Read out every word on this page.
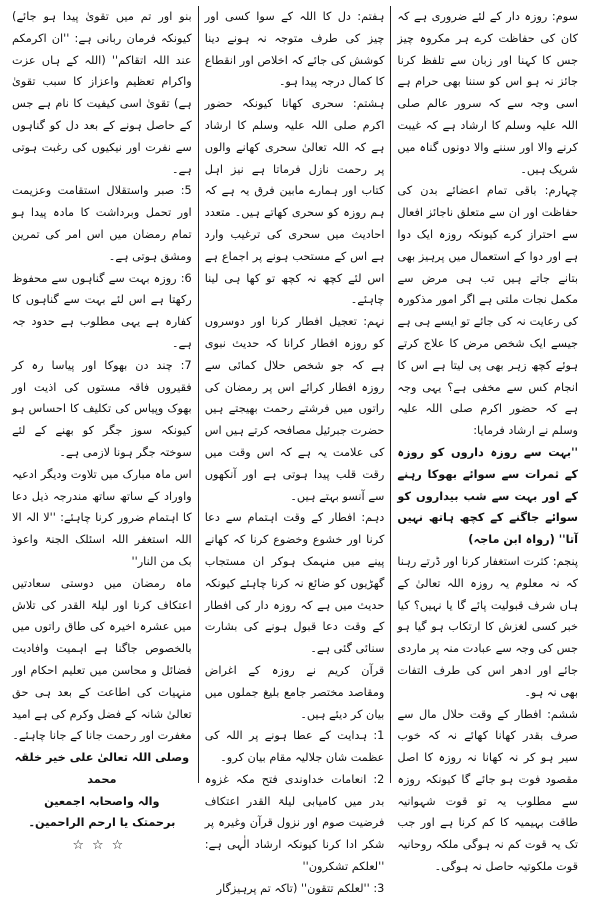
سوم: روزہ دار کے لئے ضروری ہے کہ کان کی حفاظت کرے ہر مکروہ چیز جس کا کہنا اور زبان سے تلفظ کرنا جائز نہ ہو اس کو سننا بھی حرام ہے اسی وجہ سے کہ سرور عالم صلی اللہ علیہ وسلم کا ارشاد ہے کہ غیبت کرنے والا اور سننے والا دونوں گناہ میں شریک ہیں۔

چہارم: باقی تمام اعضائے بدن کی حفاظت اور ان سے متعلق ناجائز افعال سے احتراز کرے کیونکہ روزہ ایک دوا ہے اور دوا کے استعمال میں پرہیز بھی بتانے جاتے ہیں تب ہی مرض سے مکمل نجات ملتی ہے اگر امور مذکورہ کی رعایت نہ کی جائے تو ایسے ہی ہے جیسے ایک شخص مرض کا علاج کرتے ہوئے کچھ زہر بھی پی لیتا ہے اس کا انجام کس سے مخفی ہے؟ یہی وجہ ہے کہ حضور اکرم صلی اللہ علیہ وسلم نے ارشاد فرمایا:

''بہت سے روزہ داروں کو روزہ کے ثمرات سے سوائے بھوکا رہنے کے اور بہت سے شب بیداروں کو سوائے جاگنے کے کچھ ہاتھ نہیں آتا'' (رواہ ابن ماجہ)

پنجم: کثرت استغفار کرنا اور ڈرتے رہنا کہ نہ معلوم یہ روزہ اللہ تعالیٰ کے ہاں شرف قبولیت پائے گا یا نہیں؟ کیا خبر کسی لغزش کا ارتکاب ہو گیا ہو جس کی وجہ سے عبادت منہ پر ماردی جائے اور ادھر اس کی طرف التفات بھی نہ ہو۔

ششم: افطار کے وقت حلال مال سے صرف بقدر کھانا کھائے نہ کہ خوب سیر ہو کر نہ کھانا نہ روزہ کا اصل مقصود فوت ہو جائے گا کیونکہ روزہ سے مطلوب یہ تو قوت شہوانیہ طاقت بہیمیہ کا کم کرنا ہے اور جب تک یہ قوت کم نہ ہوگی ملکہ روحانیہ قوت ملکوتیہ حاصل نہ ہوگی۔

ہفتم: دل کا اللہ کے سوا کسی اور چیز کی طرف متوجہ نہ ہونے دینا کوشش کی جائے کہ اخلاص اور انقطاع کا کمال درجہ پیدا ہو۔

ہشتم: سحری کھانا کیونکہ حضور اکرم صلی اللہ علیہ وسلم کا ارشاد ہے کہ اللہ تعالیٰ سحری کھانے والوں پر رحمت نازل فرماتا ہے نیز اہل کتاب اور ہمارے مابین فرق یہ ہے کہ ہم روزہ کو سحری کھاتے ہیں۔ متعدد احادیث میں سحری کی ترغیب وارد ہے اس کے مستحب ہونے پر اجماع ہے اس لئے کچھ نہ کچھ تو کھا ہی لینا چاہئے۔

نہم: تعجیل افطار کرنا اور دوسروں کو روزہ افطار کرانا کہ حدیث نبوی ہے کہ جو شخص حلال کمائی سے روزہ افطار کرائے اس پر رمضان کی راتوں میں فرشتے رحمت بھیجتے ہیں حضرت جبرئیل مصافحہ کرتے ہیں اس کی علامت یہ ہے کہ اس وقت میں رقت قلب پیدا ہوتی ہے اور آنکھوں سے آنسو بہتے ہیں۔

دہم: افطار کے وقت اہتمام سے دعا کرنا اور خشوع وخضوع کرنا کہ کھانے پینے میں منہمک ہوکر ان مستجاب گھڑیوں کو ضائع نہ کرنا چاہئے کیونکہ حدیث میں ہے کہ روزہ دار کی افطار کے وقت دعا قبول ہونے کی بشارت سنائی گئی ہے۔

قرآن کریم نے روزہ کے اغراض ومقاصد مختصر جامع بلیغ جملوں میں بیان کر دیئے ہیں۔

1: ہدایت کے عطا ہونے پر اللہ کی عظمت شان جلالیہ مقام بیان کرو۔

2: انعامات خداوندی فتح مکہ غزوہ بدر میں کامیابی لیلۃ القدر اعتکاف فرضیت صوم اور نزول قرآن وغیرہ پر شکر ادا کرنا کیونکہ ارشاد الٰہی ہے: ''لعلکم تشکرون''

3: ''لعلکم تتقون'' (تاکہ تم پرہیزگار

بنو اور تم میں تقویٰ پیدا ہو جائے) کیونکہ فرمان ربانی ہے: ''ان اکرمکم عند اللہ اتقاکم'' (اللہ کے ہاں عزت واکرام تعظیم واعزاز کا سبب تقویٰ ہے) تقویٰ اسی کیفیت کا نام ہے جس کے حاصل ہونے کے بعد دل کو گناہوں سے نفرت اور نیکیوں کی رغبت ہوتی ہے۔

5: صبر واستقلال استقامت وعزیمت اور تحمل وبرداشت کا مادہ پیدا ہو تمام رمضان میں اس امر کی تمرین ومشق ہوتی ہے۔

6: روزہ بہت سے گناہوں سے محفوظ رکھتا ہے اس لئے بہت سے گناہوں کا کفارہ ہے یہی مطلوب ہے حدود جہ ہے۔

7: چند دن بھوکا اور پیاسا رہ کر فقیروں فاقہ مستوں کی اذیت اور بھوک وپیاس کی تکلیف کا احساس ہو کیونکہ سوز جگر کو بھنے کے لئے سوختہ جگر ہونا لازمی ہے۔

اس ماہ مبارک میں تلاوت ودیگر ادعیہ واوراد کے ساتھ ساتھ مندرجہ ذیل دعا کا اہتمام ضرور کرنا چاہئے: ''لا الہ الا اللہ استغفر اللہ اسئلک الجنۃ واعوذ بک من النار''

ماہ رمضان میں دوستی سعادتیں اعتکاف کرنا اور لیلۃ القدر کی تلاش میں عشرہ اخیرہ کی طاق راتوں میں بالخصوص جاگنا ہے اہمیت وافادیت فضائل و محاسن میں تعلیم احکام اور منہیات کی اطاعت کے بعد ہی حق تعالیٰ شانہ کے فضل وکرم کی ہے امید مغفرت اور رحمت جانا کے جانا چاہئے۔

وصلی اللہ تعالیٰ علی خیر خلقہ محمد

والہ واصحابہ اجمعین

برحمتک یا ارحم الراحمین۔

☆☆☆
